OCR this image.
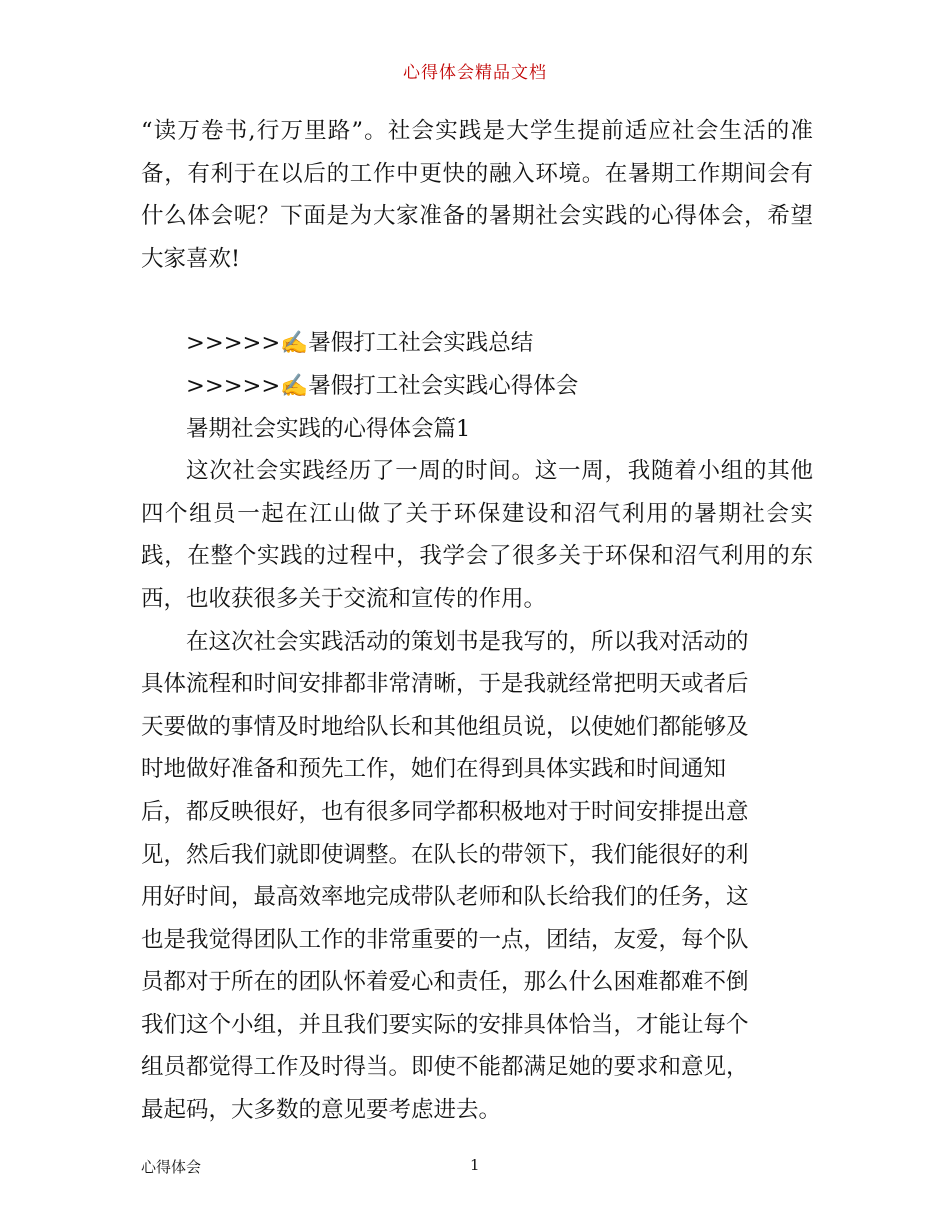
心得体会精品文档

“读万卷书,行万里路”。社会实践是大学生提前适应社会生活的准备，有利于在以后的工作中更快的融入环境。在暑期工作期间会有什么体会呢？下面是为大家准备的暑期社会实践的心得体会，希望大家喜欢!

>>>>>✍暑假打工社会实践总结

>>>>>✍暑假打工社会实践心得体会

暑期社会实践的心得体会篇1

这次社会实践经历了一周的时间。这一周，我随着小组的其他四个组员一起在江山做了关于环保建设和沼气利用的暑期社会实践，在整个实践的过程中，我学会了很多关于环保和沼气利用的东西，也收获很多关于交流和宣传的作用。

在这次社会实践活动的策划书是我写的，所以我对活动的

具体流程和时间安排都非常清晰，于是我就经常把明天或者后

天要做的事情及时地给队长和其他组员说，以使她们都能够及

时地做好准备和预先工作，她们在得到具体实践和时间通知

后，都反映很好，也有很多同学都积极地对于时间安排提出意

见，然后我们就即使调整。在队长的带领下，我们能很好的利

用好时间，最高效率地完成带队老师和队长给我们的任务，这

也是我觉得团队工作的非常重要的一点，团结，友爱，每个队

员都对于所在的团队怀着爱心和责任，那么什么困难都难不倒

我们这个小组，并且我们要实际的安排具体恰当，才能让每个

组员都觉得工作及时得当。即使不能都满足她的要求和意见，

最起码，大多数的意见要考虑进去。

心得体会	1
